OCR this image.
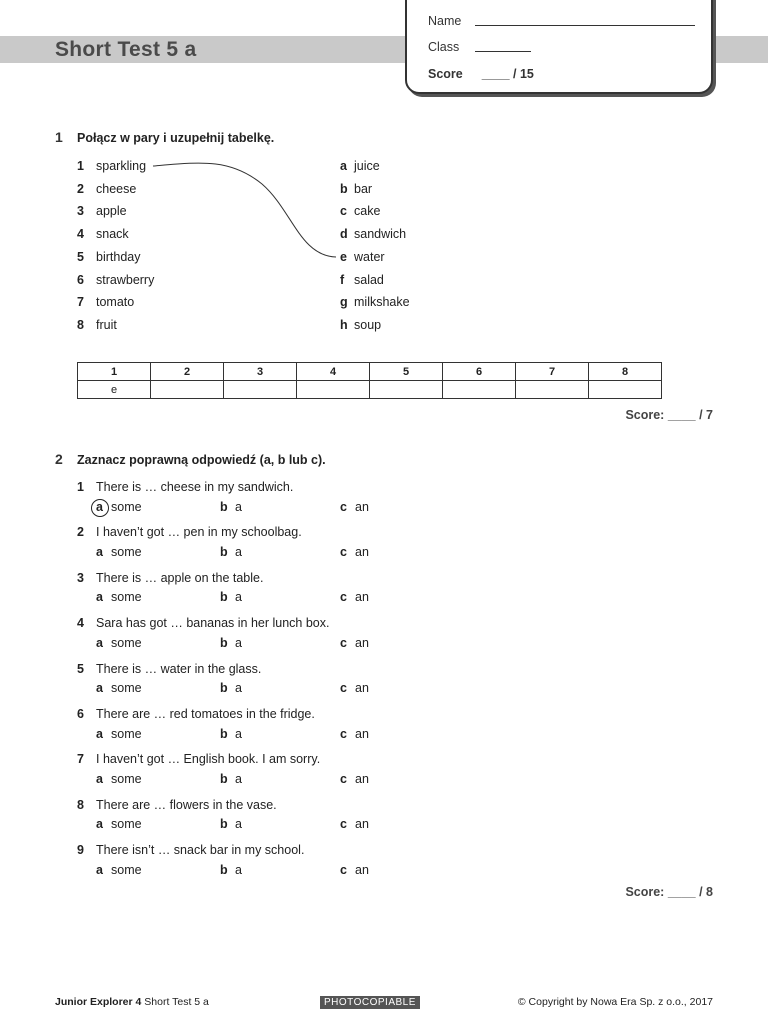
Short Test 5 a
Name
Class
Score ____ / 15
1 Połącz w pary i uzupełnij tabelkę.
1 sparkling
2 cheese
3 apple
4 snack
5 birthday
6 strawberry
7 tomato
8 fruit
a juice
b bar
c cake
d sandwich
e water
f salad
g milkshake
h soup
1	2	3	4	5	6	7	8
e							
Score: ____ / 7
2 Zaznacz poprawną odpowiedź (a, b lub c).
1 There is … cheese in my sandwich.
a some	b a	c an
2 I haven’t got … pen in my schoolbag.
a some	b a	c an
3 There is … apple on the table.
a some	b a	c an
4 Sara has got … bananas in her lunch box.
a some	b a	c an
5 There is … water in the glass.
a some	b a	c an
6 There are … red tomatoes in the fridge.
a some	b a	c an
7 I haven’t got … English book. I am sorry.
a some	b a	c an
8 There are … flowers in the vase.
a some	b a	c an
9 There isn’t … snack bar in my school.
a some	b a	c an
Score: ____ / 8
Junior Explorer 4 Short Test 5 a	PHOTOCOPIABLE	© Copyright by Nowa Era Sp. z o.o., 2017
